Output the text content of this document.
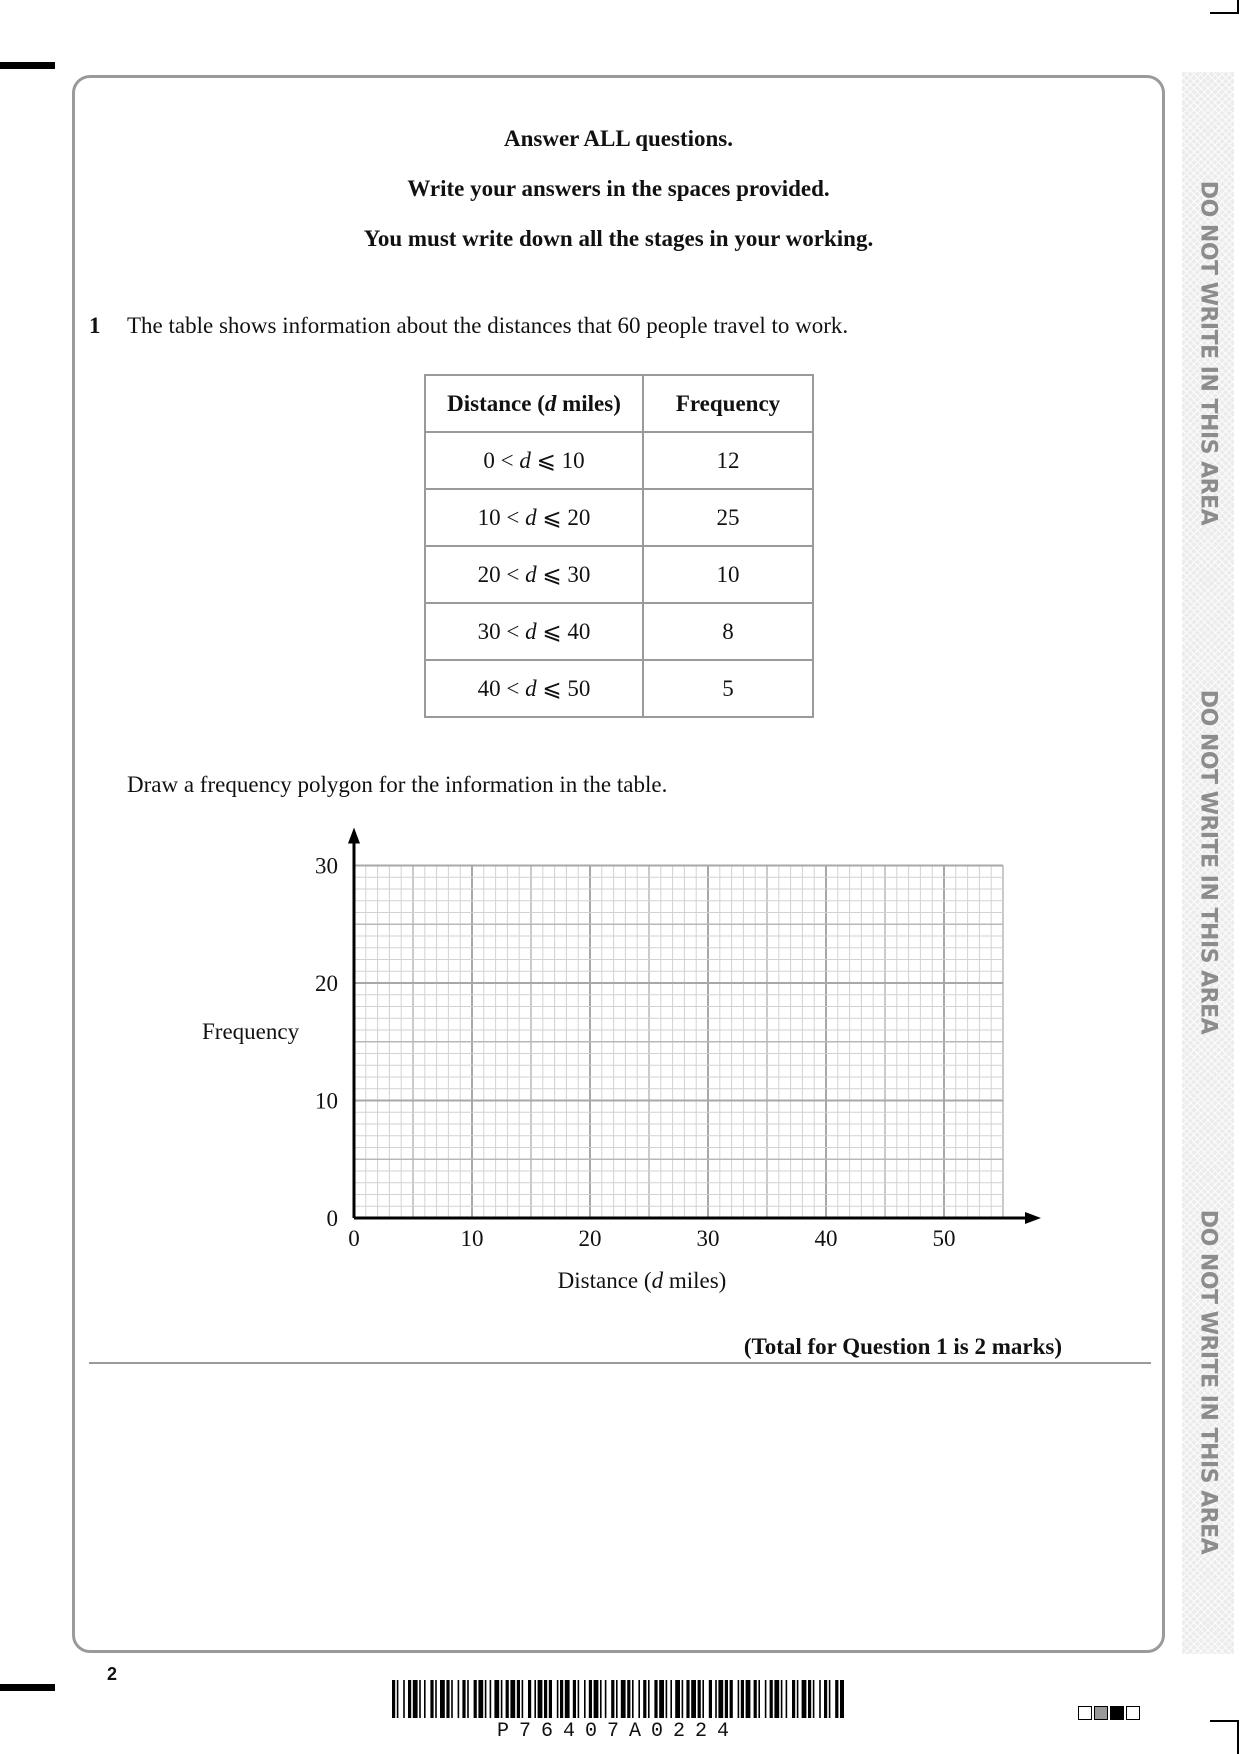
DO NOT WRITE IN THIS AREA
DO NOT WRITE IN THIS AREA
DO NOT WRITE IN THIS AREA
Answer ALL questions.
Write your answers in the spaces provided.
You must write down all the stages in your working.
1 The table shows information about the distances that 60 people travel to work.
Distance (d miles)	Frequency
0 < d ⩽ 10	12
10 < d ⩽ 20	25
20 < d ⩽ 30	10
30 < d ⩽ 40	8
40 < d ⩽ 50	5
Draw a frequency polygon for the information in the table.
0	10	20	30	40	50
0
10
20
30
Frequency
Distance (d miles)
(Total for Question 1 is 2 marks)
2
P76407A0224
